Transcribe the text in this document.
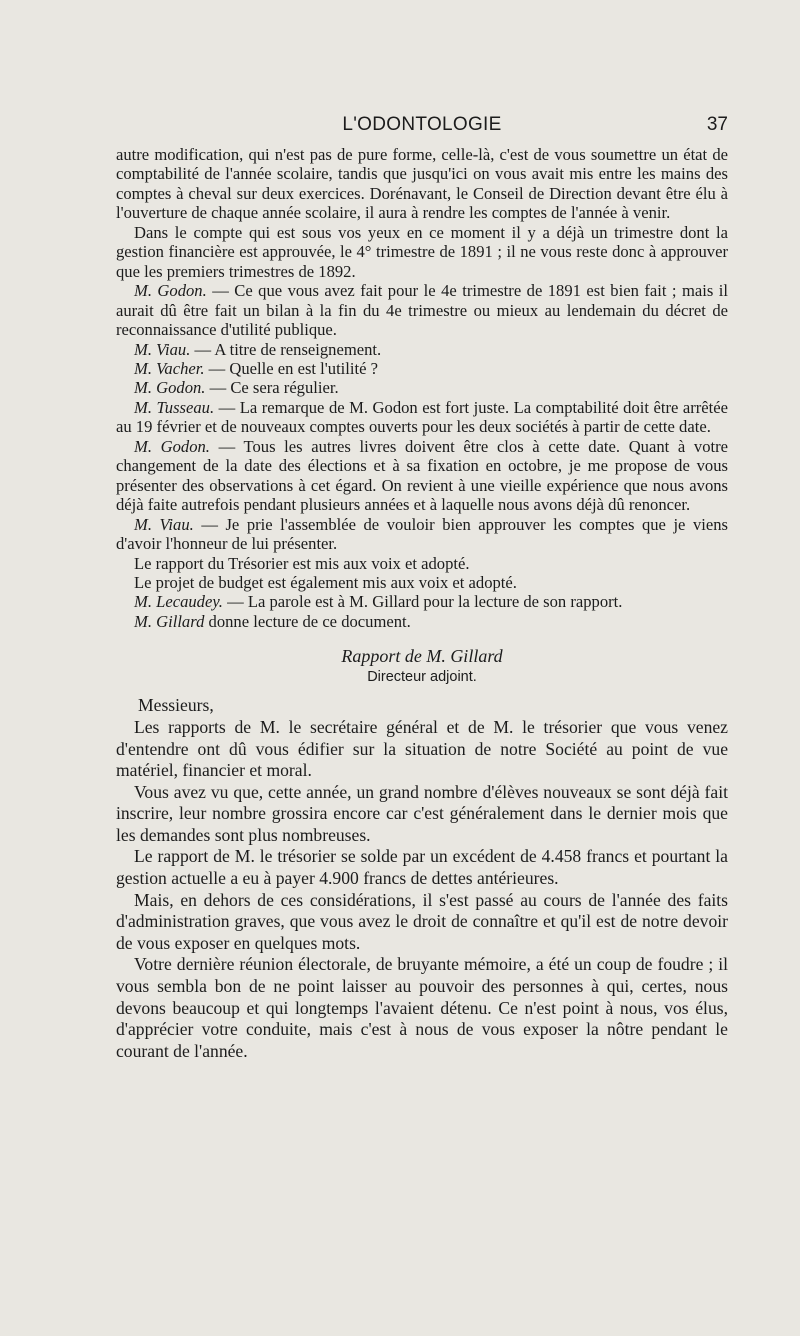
L'ODONTOLOGIE	37

autre modification, qui n'est pas de pure forme, celle-là, c'est de vous soumettre un état de comptabilité de l'année scolaire, tandis que jusqu'ici on vous avait mis entre les mains des comptes à cheval sur deux exercices. Dorénavant, le Conseil de Direction devant être élu à l'ouverture de chaque année scolaire, il aura à rendre les comptes de l'année à venir.

Dans le compte qui est sous vos yeux en ce moment il y a déjà un trimestre dont la gestion financière est approuvée, le 4° trimestre de 1891 ; il ne vous reste donc à approuver que les premiers trimestres de 1892.

M. Godon. — Ce que vous avez fait pour le 4e trimestre de 1891 est bien fait ; mais il aurait dû être fait un bilan à la fin du 4e trimestre ou mieux au lendemain du décret de reconnaissance d'utilité publique.

M. Viau. — A titre de renseignement.

M. Vacher. — Quelle en est l'utilité ?

M. Godon. — Ce sera régulier.

M. Tusseau. — La remarque de M. Godon est fort juste. La comptabilité doit être arrêtée au 19 février et de nouveaux comptes ouverts pour les deux sociétés à partir de cette date.

M. Godon. — Tous les autres livres doivent être clos à cette date. Quant à votre changement de la date des élections et à sa fixation en octobre, je me propose de vous présenter des observations à cet égard. On revient à une vieille expérience que nous avons déjà faite autrefois pendant plusieurs années et à laquelle nous avons déjà dû renoncer.

M. Viau. — Je prie l'assemblée de vouloir bien approuver les comptes que je viens d'avoir l'honneur de lui présenter.

Le rapport du Trésorier est mis aux voix et adopté.

Le projet de budget est également mis aux voix et adopté.

M. Lecaudey. — La parole est à M. Gillard pour la lecture de son rapport.

M. Gillard donne lecture de ce document.

Rapport de M. Gillard
Directeur adjoint.

Messieurs,

Les rapports de M. le secrétaire général et de M. le trésorier que vous venez d'entendre ont dû vous édifier sur la situation de notre Société au point de vue matériel, financier et moral.

Vous avez vu que, cette année, un grand nombre d'élèves nouveaux se sont déjà fait inscrire, leur nombre grossira encore car c'est généralement dans le dernier mois que les demandes sont plus nombreuses.

Le rapport de M. le trésorier se solde par un excédent de 4.458 francs et pourtant la gestion actuelle a eu à payer 4.900 francs de dettes antérieures.

Mais, en dehors de ces considérations, il s'est passé au cours de l'année des faits d'administration graves, que vous avez le droit de connaître et qu'il est de notre devoir de vous exposer en quelques mots.

Votre dernière réunion électorale, de bruyante mémoire, a été un coup de foudre ; il vous sembla bon de ne point laisser au pouvoir des personnes à qui, certes, nous devons beaucoup et qui longtemps l'avaient détenu. Ce n'est point à nous, vos élus, d'apprécier votre conduite, mais c'est à nous de vous exposer la nôtre pendant le courant de l'année.
